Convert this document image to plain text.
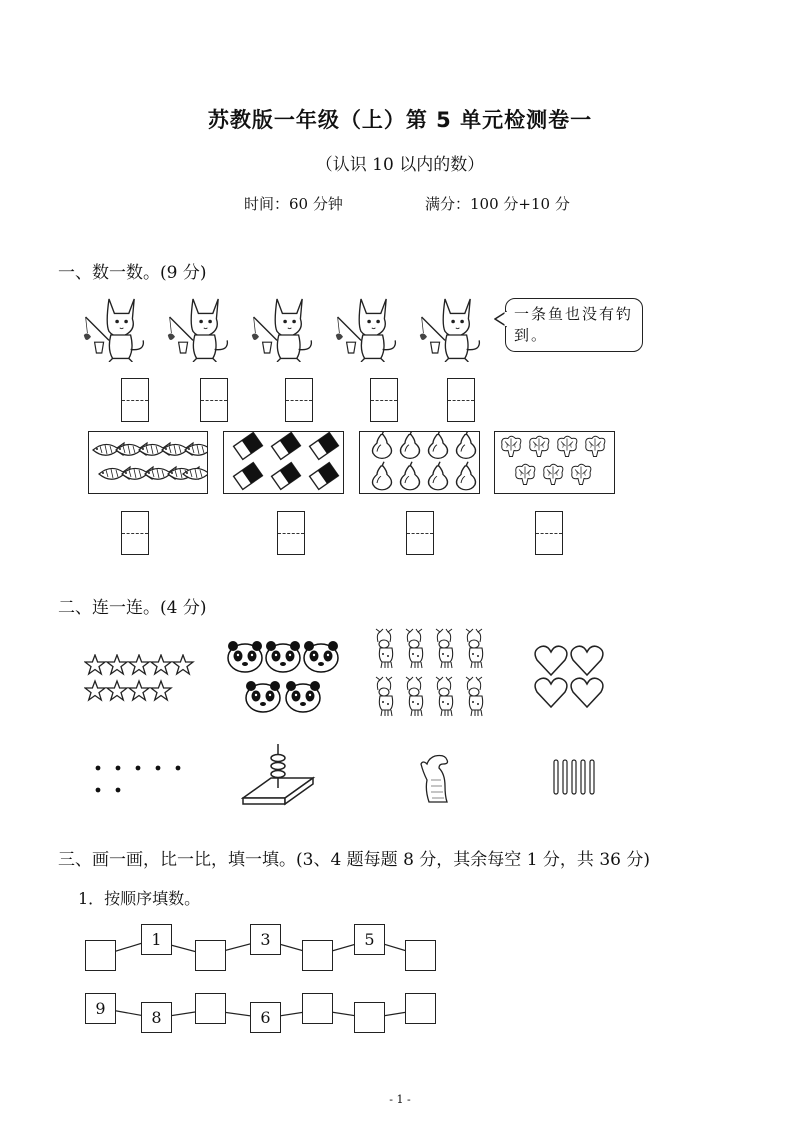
苏教版一年级（上）第 5 单元检测卷一
（认识 10 以内的数）
时间：60 分钟	满分：100 分+10 分
一、数一数。(9 分)
一条鱼也没有钓到。
二、连一连。(4 分)
三、画一画，比一比，填一填。(3、4 题每题 8 分，其余每空 1 分，共 36 分)
1．按顺序填数。
1	3	5
9	8	6
- 1 -
